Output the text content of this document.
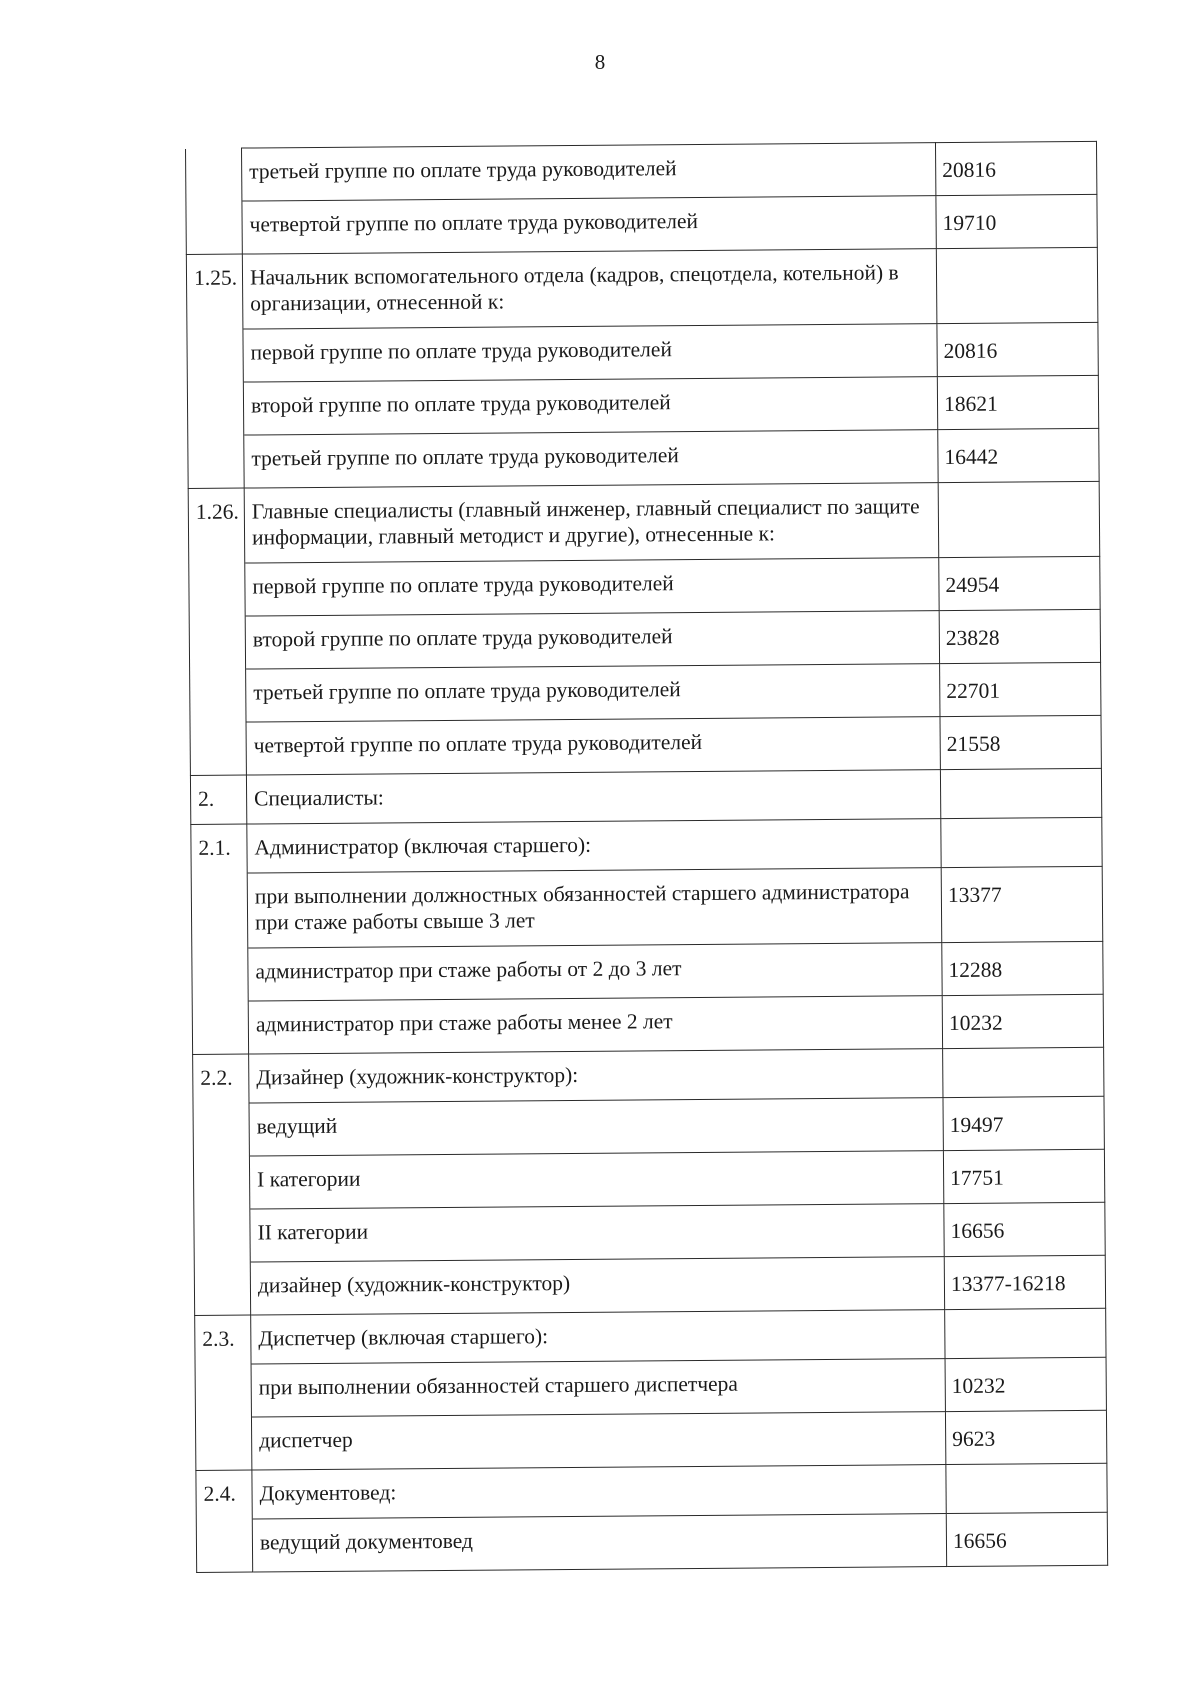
8
	третьей группе по оплате труда руководителей	20816
	четвертой группе по оплате труда руководителей	19710
1.25.	Начальник вспомогательного отдела (кадров, спецотдела, котельной) в организации, отнесенной к:	
	первой группе по оплате труда руководителей	20816
	второй группе по оплате труда руководителей	18621
	третьей группе по оплате труда руководителей	16442
1.26.	Главные специалисты (главный инженер, главный специалист по защите информации, главный методист и другие), отнесенные к:	
	первой группе по оплате труда руководителей	24954
	второй группе по оплате труда руководителей	23828
	третьей группе по оплате труда руководителей	22701
	четвертой группе по оплате труда руководителей	21558
2.	Специалисты:	
2.1.	Администратор (включая старшего):	
	при выполнении должностных обязанностей старшего администратора при стаже работы свыше 3 лет	13377
	администратор при стаже работы от 2 до 3 лет	12288
	администратор при стаже работы менее 2 лет	10232
2.2.	Дизайнер (художник-конструктор):	
	ведущий	19497
	I категории	17751
	II категории	16656
	дизайнер (художник-конструктор)	13377-16218
2.3.	Диспетчер (включая старшего):	
	при выполнении обязанностей старшего диспетчера	10232
	диспетчер	9623
2.4.	Документовед:	
	ведущий документовед	16656
